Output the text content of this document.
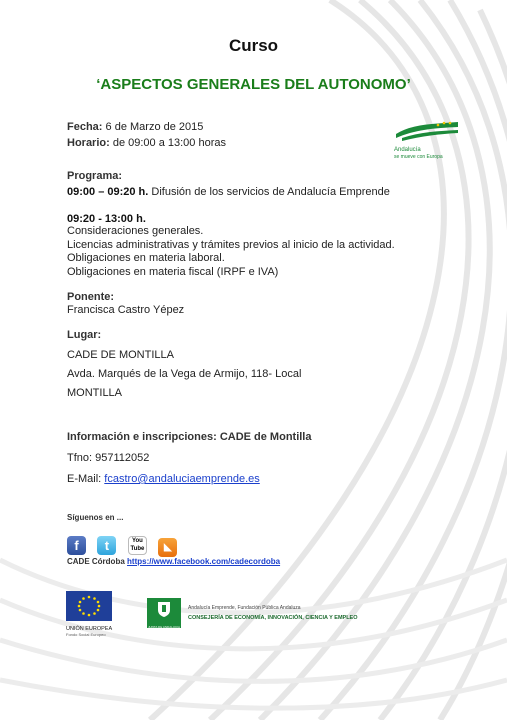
Curso
‘ASPECTOS GENERALES DEL AUTONOMO’
Andalucía
se mueve con Europa
Fecha: 6 de Marzo de 2015
Horario: de 09:00 a 13:00 horas
Programa:
09:00 – 09:20 h. Difusión de los servicios de Andalucía Emprende
09:20 - 13:00 h.
Consideraciones generales.
Licencias administrativas y trámites previos al inicio de la actividad.
Obligaciones en materia laboral.
Obligaciones en materia fiscal (IRPF e IVA)
Ponente:
Francisca Castro Yépez
Lugar:
CADE DE MONTILLA
Avda. Marqués de la Vega de Armijo, 118- Local
MONTILLA
Información e inscripciones: CADE de Montilla
Tfno: 957112052
E-Mail: fcastro@andaluciaemprende.es
Síguenos en ...
f t	You Tube ◣
CADE Córdoba https://www.facebook.com/cadecordoba
UNIÓN EUROPEA
Fondo Social Europeo
JUNTA DE ANDALUCIA
Andalucía Emprende, Fundación Pública Andaluza
CONSEJERÍA DE ECONOMÍA, INNOVACIÓN, CIENCIA Y EMPLEO
